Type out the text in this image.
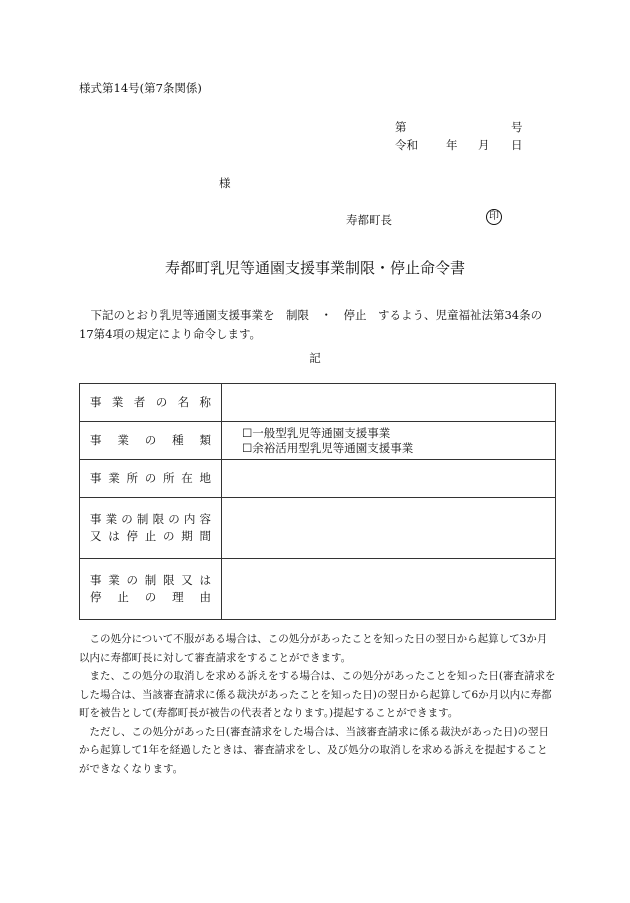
様式第14号(第7条関係)
第	号
令和 年 月 日
様
寿都町長	印
寿都町乳児等通園支援事業制限・停止命令書
下記のとおり乳児等通園支援事業を　制限　・　停止　するよう、児童福祉法第34条の17第4項の規定により命令します。
記
事業者の名称	

事業の種類	☐一般型乳児等通園支援事業
☐余裕活用型乳児等通園支援事業

事業所の所在地	

事業の制限の内容
又は停止の期間	

事業の制限又は
停止の理由	

この処分について不服がある場合は、この処分があったことを知った日の翌日から起算して3か月以内に寿都町長に対して審査請求をすることができます。

また、この処分の取消しを求める訴えをする場合は、この処分があったことを知った日(審査請求をした場合は、当該審査請求に係る裁決があったことを知った日)の翌日から起算して6か月以内に寿都町を被告として(寿都町長が被告の代表者となります。)提起することができます。

ただし、この処分があった日(審査請求をした場合は、当該審査請求に係る裁決があった日)の翌日から起算して1年を経過したときは、審査請求をし、及び処分の取消しを求める訴えを提起することができなくなります。
